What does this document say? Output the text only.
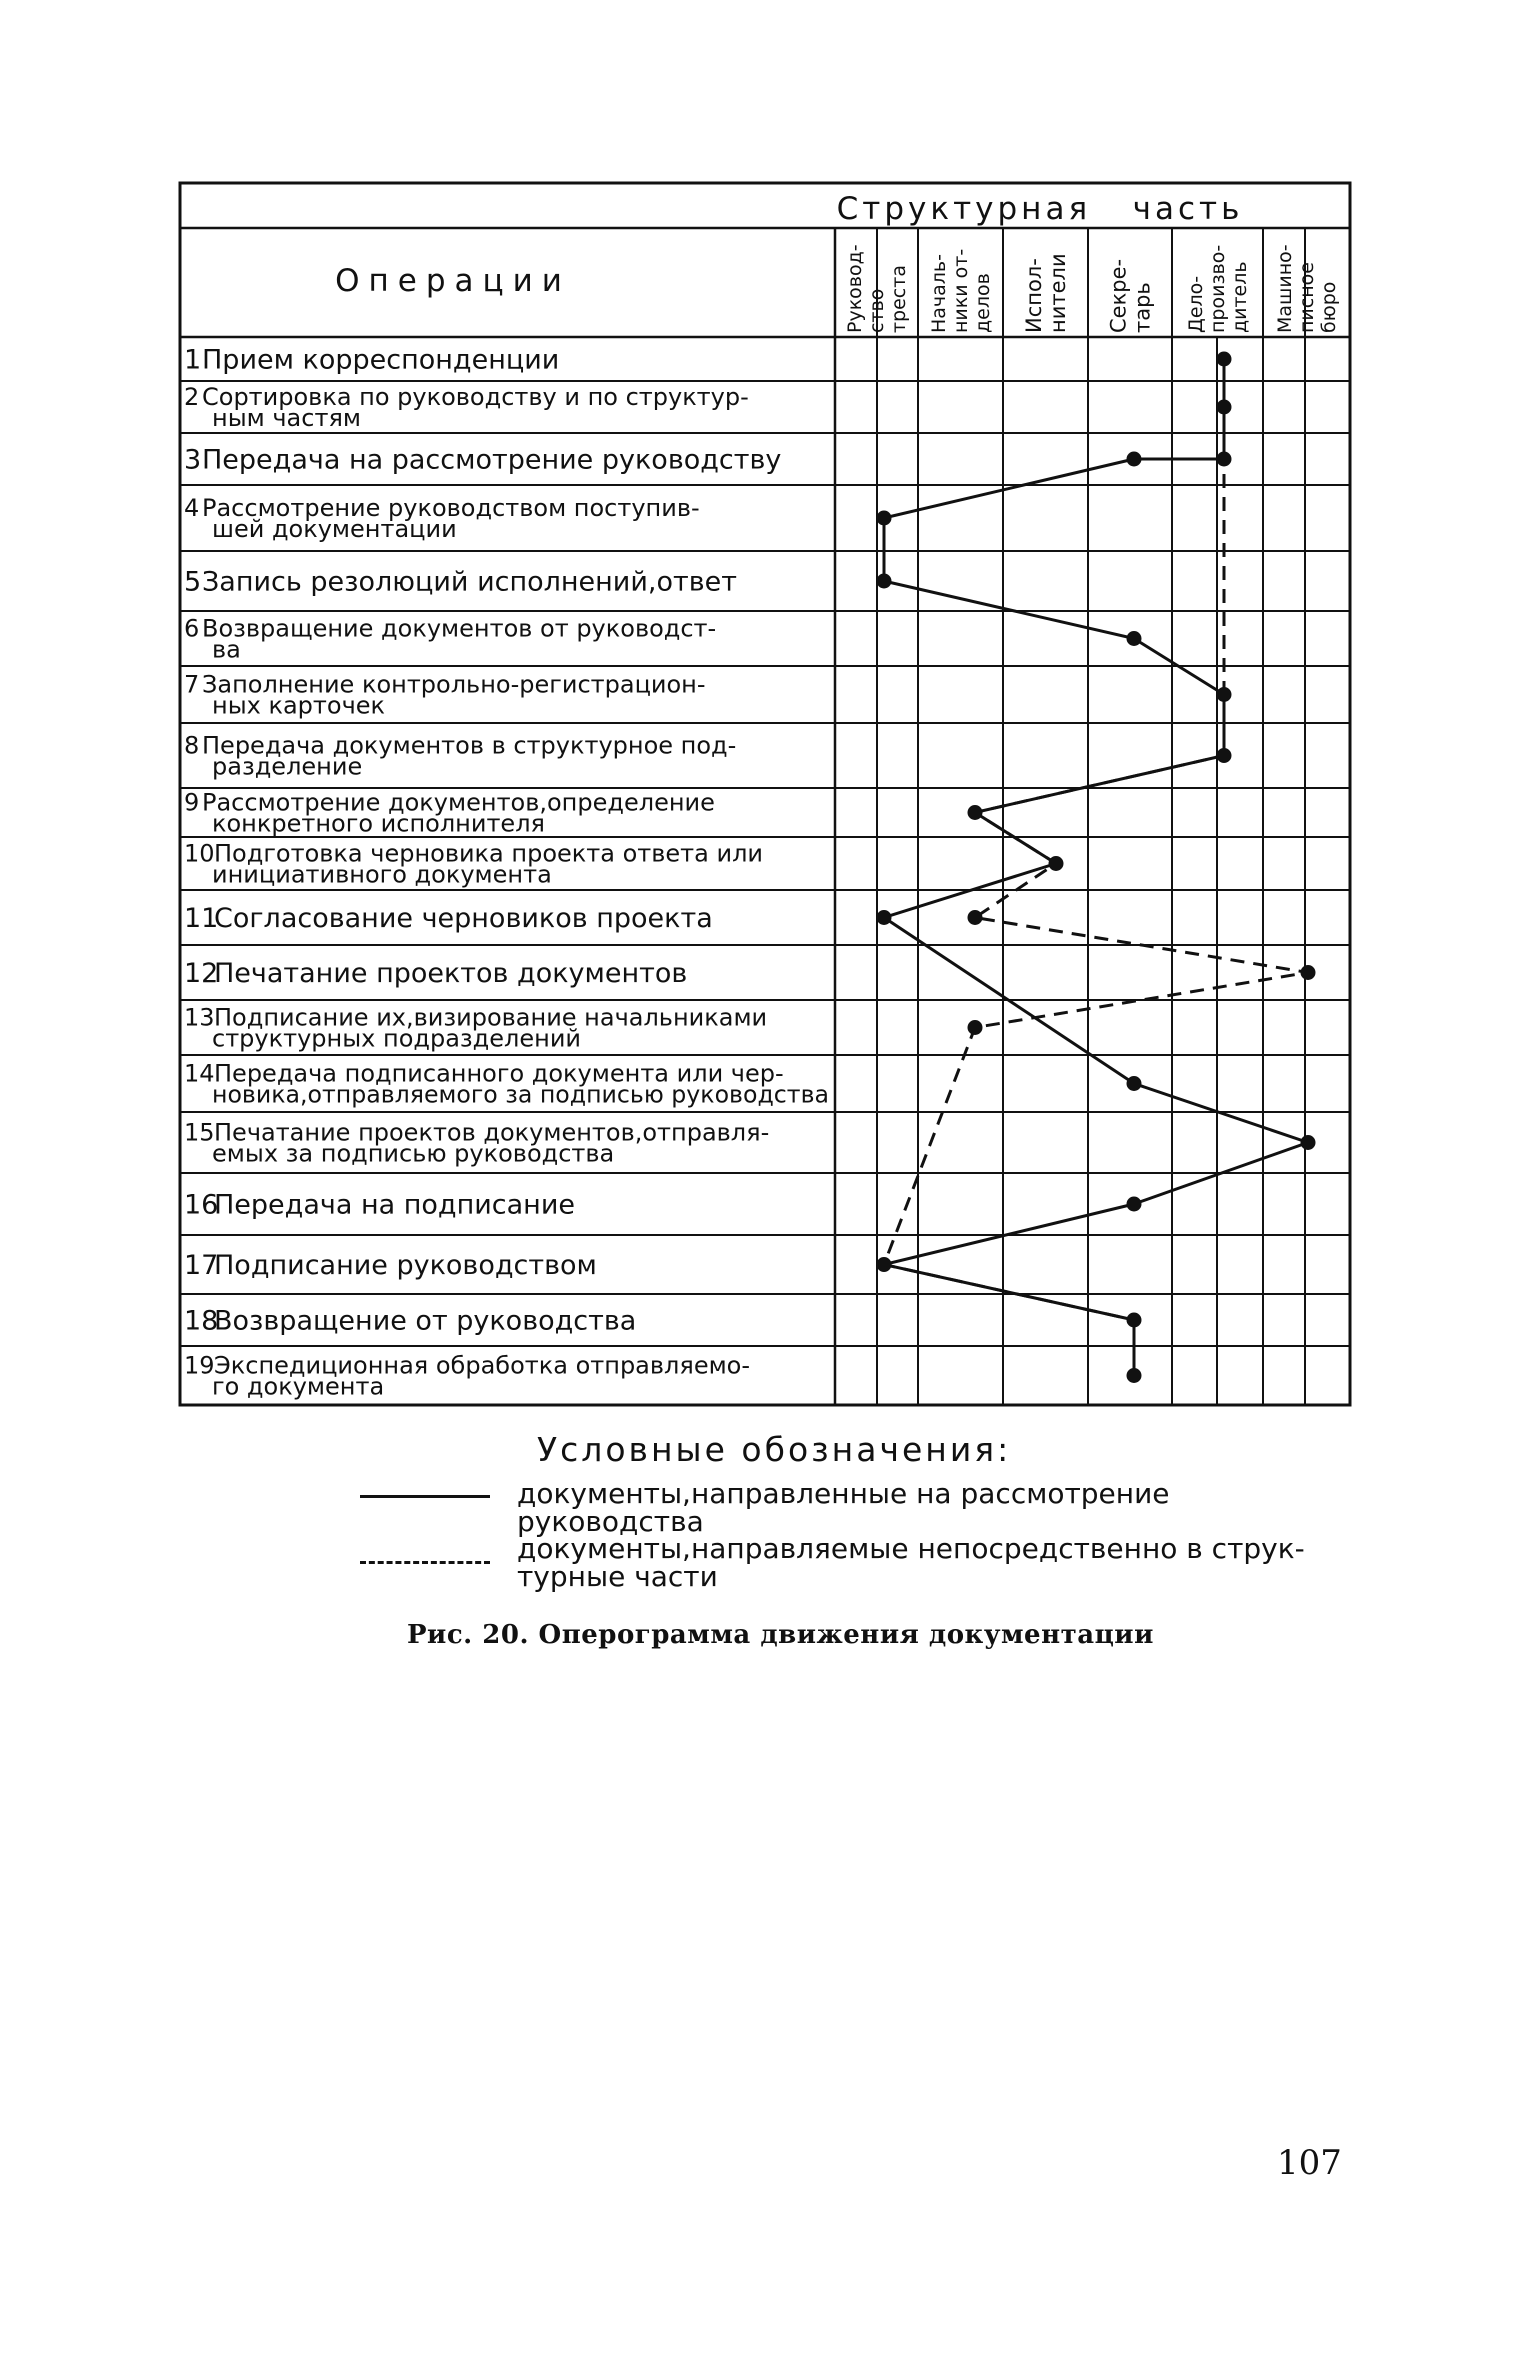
Структурная   часть
Операции	Руковод- ство треста Началь- ники от- делов Испол- нители Секре- тарь Дело- произво- дитель Машино- писное бюро
1 Прием корреспонденции
2 Сортировка по руководству и по структур-
ным частям
3 Передача на рассмотрение руководству
4 Рассмотрение руководством поступив-
шей документации
5 Запись резолюций исполнений,ответ
6 Возвращение документов от руководст-
ва
7 Заполнение контрольно-регистрацион-
ных карточек
8 Передача документов в структурное под-
разделение
9 Рассмотрение документов,определение
конкретного исполнителя
10 Подготовка черновика проекта ответа или
инициативного документа
11
Согласование черновиков проекта
12
Печатание проектов документов
13 Подписание их,визирование начальниками
структурных подразделений
14 Передача подписанного документа или чер-
новика,отправляемого за подписью руководства
15 Печатание проектов документов,отправля-
емых за подписью руководства
16
Передача на подписание
17
Подписание руководством
18
Возвращение от руководства
19 Экспедиционная обработка отправляемо-
го документа
Условные обозначения:
документы,направленные на рассмотрение руководства
документы,направляемые непосредственно в струк-турные части
Рис. 20. Оперограмма движения документации
107
